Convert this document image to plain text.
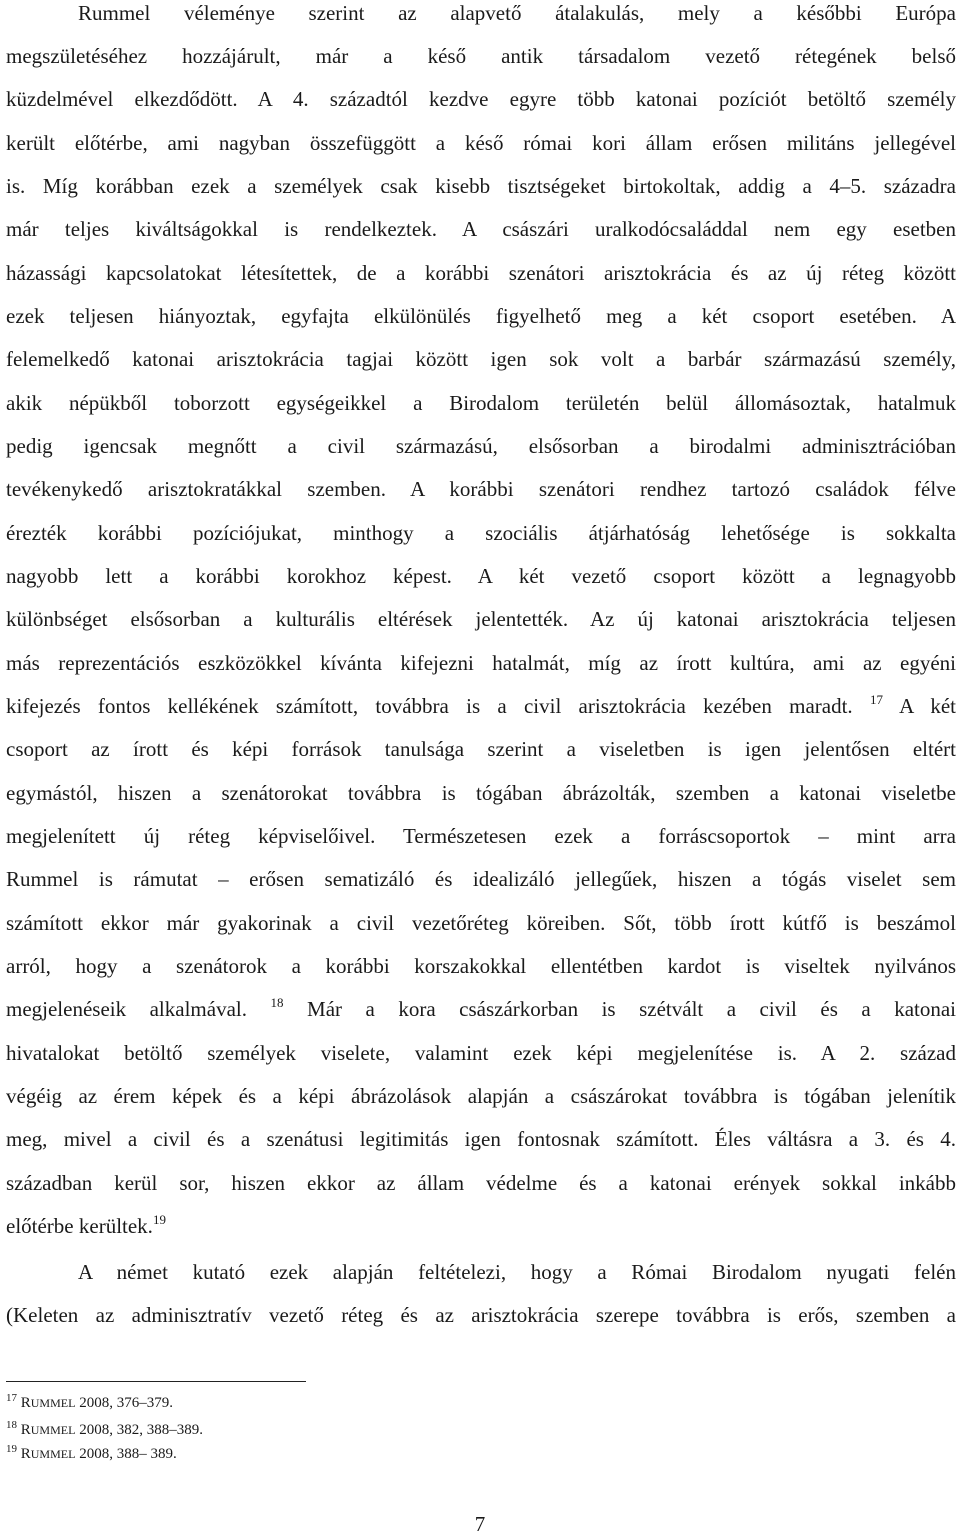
Rummel véleménye szerint az alapvető átalakulás, mely a későbbi Európa
megszületéséhez hozzájárult, már a késő antik társadalom vezető rétegének belső
küzdelmével elkezdődött. A 4. századtól kezdve egyre több katonai pozíciót betöltő személy
került előtérbe, ami nagyban összefüggött a késő római kori állam erősen militáns jellegével
is. Míg korábban ezek a személyek csak kisebb tisztségeket birtokoltak, addig a 4–5. századra
már teljes kiváltságokkal is rendelkeztek. A császári uralkodócsaláddal nem egy esetben
házassági kapcsolatokat létesítettek, de a korábbi szenátori arisztokrácia és az új réteg között
ezek teljesen hiányoztak, egyfajta elkülönülés figyelhető meg a két csoport esetében. A
felemelkedő katonai arisztokrácia tagjai között igen sok volt a barbár származású személy,
akik népükből toborzott egységeikkel a Birodalom területén belül állomásoztak, hatalmuk
pedig igencsak megnőtt a civil származású, elsősorban a birodalmi adminisztrációban
tevékenykedő arisztokratákkal szemben. A korábbi szenátori rendhez tartozó családok félve
érezték korábbi pozíciójukat, minthogy a szociális átjárhatóság lehetősége is sokkalta
nagyobb lett a korábbi korokhoz képest. A két vezető csoport között a legnagyobb
különbséget elsősorban a kulturális eltérések jelentették. Az új katonai arisztokrácia teljesen
más reprezentációs eszközökkel kívánta kifejezni hatalmát, míg az írott kultúra, ami az egyéni
kifejezés fontos kellékének számított, továbbra is a civil arisztokrácia kezében maradt. $^{17}$ A két
csoport az írott és képi források tanulsága szerint a viseletben is igen jelentősen eltért
egymástól, hiszen a szenátorokat továbbra is tógában ábrázolták, szemben a katonai viseletbe
megjelenített új réteg képviselőivel. Természetesen ezek a forráscsoportok – mint arra
Rummel is rámutat – erősen sematizáló és idealizáló jellegűek, hiszen a tógás viselet sem
számított ekkor már gyakorinak a civil vezetőréteg köreiben. Sőt, több írott kútfő is beszámol
arról, hogy a szenátorok a korábbi korszakokkal ellentétben kardot is viseltek nyilvános
megjelenéseik alkalmával. $^{18}$ Már a kora császárkorban is szétvált a civil és a katonai
hivatalokat betöltő személyek viselete, valamint ezek képi megjelenítése is. A 2. század
végéig az érem képek és a képi ábrázolások alapján a császárokat továbbra is tógában jelenítik
meg, mivel a civil és a szenátusi legitimitás igen fontosnak számított. Éles váltásra a 3. és 4.
században kerül sor, hiszen ekkor az állam védelme és a katonai erények sokkal inkább
előtérbe kerültek.$^{19}$
A német kutató ezek alapján feltételezi, hogy a Római Birodalom nyugati felén
(Keleten az adminisztratív vezető réteg és az arisztokrácia szerepe továbbra is erős, szemben a
$^{17}$ RUMMEL 2008, 376–379.
$^{18}$ RUMMEL 2008, 382, 388–389.
$^{19}$ RUMMEL 2008, 388– 389.
7
